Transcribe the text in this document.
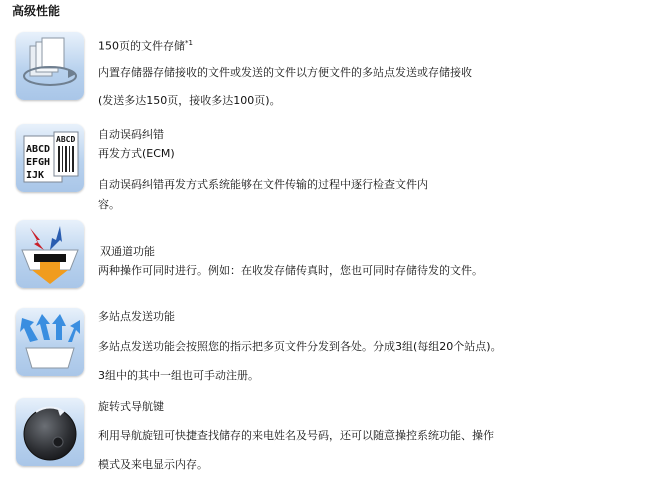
高级性能
150页的文件存储$^{*1}$
内置存储器存储接收的文件或发送的文件以方便文件的多站点发送或存储接收
(发送多达150页，接收多达100页)。
ABCD
ABCD
EFGH
IJK
自动误码纠错
再发方式(ECM)
自动误码纠错再发方式系统能够在文件传输的过程中逐行检查文件内
容。
双通道功能
两种操作可同时进行。例如：在收发存储传真时，您也可同时存储待发的文件。
多站点发送功能
多站点发送功能会按照您的指示把多页文件分发到各处。分成3组(每组20个站点)。
3组中的其中一组也可手动注册。
旋转式导航键
利用导航旋钮可快捷查找储存的来电姓名及号码，还可以随意操控系统功能、操作
模式及来电显示内存。
